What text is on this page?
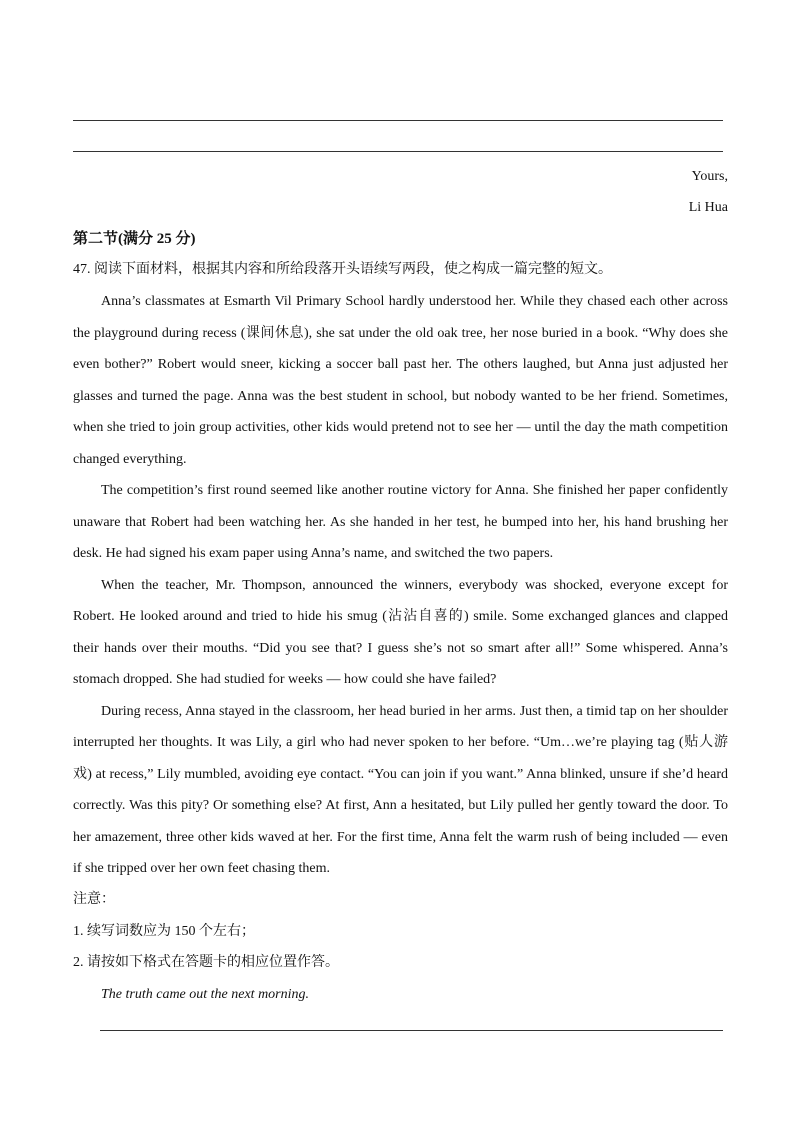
Yours,
Li Hua
第二节(满分 25 分)
47. 阅读下面材料，根据其内容和所给段落开头语续写两段，使之构成一篇完整的短文。

Anna’s classmates at Esmarth Vil Primary School hardly understood her. While they chased each other across the playground during recess (课间休息), she sat under the old oak tree, her nose buried in a book. “Why does she even bother?” Robert would sneer, kicking a soccer ball past her. The others laughed, but Anna just adjusted her glasses and turned the page. Anna was the best student in school, but nobody wanted to be her friend. Sometimes, when she tried to join group activities, other kids would pretend not to see her — until the day the math competition changed everything.

The competition’s first round seemed like another routine victory for Anna. She finished her paper confidently unaware that Robert had been watching her. As she handed in her test, he bumped into her, his hand brushing her desk. He had signed his exam paper using Anna’s name, and switched the two papers.

When the teacher, Mr. Thompson, announced the winners, everybody was shocked, everyone except for Robert. He looked around and tried to hide his smug (沾沾自喜的) smile. Some exchanged glances and clapped their hands over their mouths. “Did you see that? I guess she’s not so smart after all!” Some whispered. Anna’s stomach dropped. She had studied for weeks — how could she have failed?

During recess, Anna stayed in the classroom, her head buried in her arms. Just then, a timid tap on her shoulder interrupted her thoughts. It was Lily, a girl who had never spoken to her before. “Um…we’re playing tag (贴人游戏) at recess,” Lily mumbled, avoiding eye contact. “You can join if you want.” Anna blinked, unsure if she’d heard correctly. Was this pity? Or something else? At first, Ann a hesitated, but Lily pulled her gently toward the door. To her amazement, three other kids waved at her. For the first time, Anna felt the warm rush of being included — even if she tripped over her own feet chasing them.

注意：
1. 续写词数应为 150 个左右；
2. 请按如下格式在答题卡的相应位置作答。
The truth came out the next morning.
